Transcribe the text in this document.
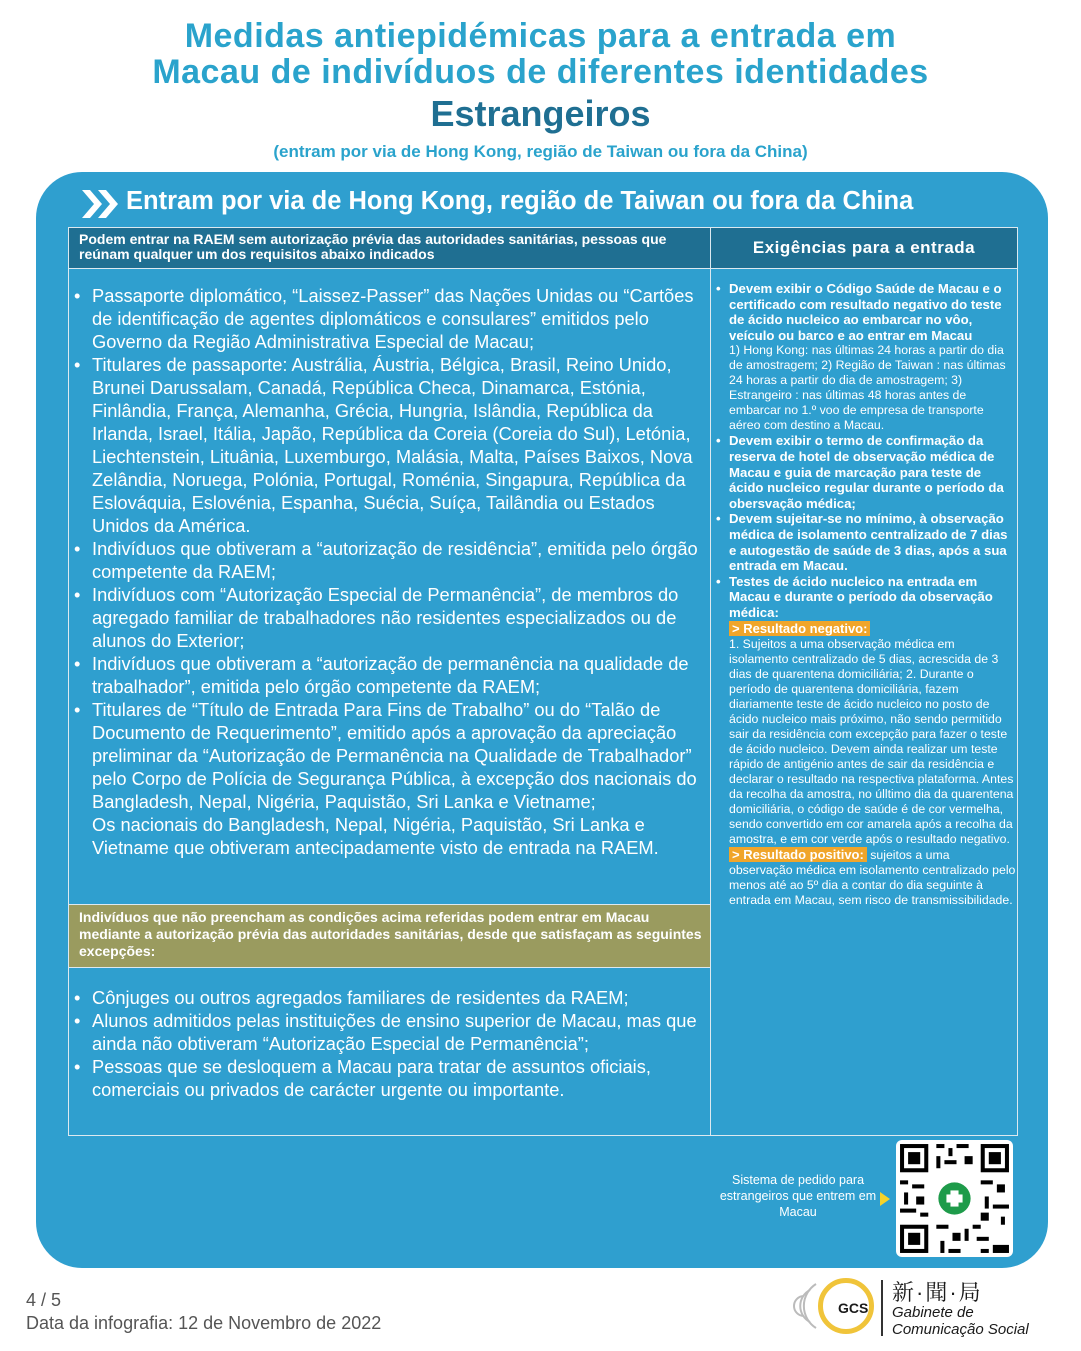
Medidas antiepidémicas para a entrada em
Macau de indivíduos de diferentes identidades
Estrangeiros
(entram por via de Hong Kong, região de Taiwan ou fora da China)
Entram por via de Hong Kong, região de Taiwan ou fora da China
Podem entrar na RAEM sem autorização prévia das autoridades sanitárias, pessoas que reúnam qualquer um dos requisitos abaixo indicados	Exigências para a entrada
• Passaporte diplomático, “Laissez-Passer” das Nações Unidas ou “Cartões de identificação de agentes diplomáticos e consulares” emitidos pelo Governo da Região Administrativa Especial de Macau;
• Titulares de passaporte: Austrália, Áustria, Bélgica, Brasil, Reino Unido, Brunei Darussalam, Canadá, República Checa, Dinamarca, Estónia, Finlândia, França, Alemanha, Grécia, Hungria, Islândia, República da Irlanda, Israel, Itália, Japão, República da Coreia (Coreia do Sul), Letónia, Liechtenstein, Lituânia, Luxemburgo, Malásia, Malta, Países Baixos, Nova Zelândia, Noruega, Polónia, Portugal, Roménia, Singapura, República da Eslováquia, Eslovénia, Espanha, Suécia, Suíça, Tailândia ou Estados Unidos da América.
• Indivíduos que obtiveram a “autorização de residência”, emitida pelo órgão competente da RAEM;
• Indivíduos com “Autorização Especial de Permanência”, de membros do agregado familiar de trabalhadores não residentes especializados ou de alunos do Exterior;
• Indivíduos que obtiveram a “autorização de permanência na qualidade de trabalhador”, emitida pelo órgão competente da RAEM;
• Titulares de “Título de Entrada Para Fins de Trabalho” ou do “Talão de Documento de Requerimento”, emitido após a aprovação da apreciação preliminar da “Autorização de Permanência na Qualidade de Trabalhador” pelo Corpo de Polícia de Segurança Pública, à excepção dos nacionais do Bangladesh, Nepal, Nigéria, Paquistão, Sri Lanka e Vietname;
Os nacionais do Bangladesh, Nepal, Nigéria, Paquistão, Sri Lanka e Vietname que obtiveram antecipadamente visto de entrada na RAEM.
Indivíduos que não preencham as condições acima referidas podem entrar em Macau mediante a autorização prévia das autoridades sanitárias, desde que satisfaçam as seguintes excepções:
• Cônjuges ou outros agregados familiares de residentes da RAEM;
• Alunos admitidos pelas instituições de ensino superior de Macau, mas que ainda não obtiveram “Autorização Especial de Permanência”;
• Pessoas que se desloquem a Macau para tratar de assuntos oficiais, comerciais ou privados de carácter urgente ou importante.
• Devem exibir o Código Saúde de Macau e o certificado com resultado negativo do teste de ácido nucleico ao embarcar no vôo, veículo ou barco e ao entrar em Macau
1) Hong Kong: nas últimas 24 horas a partir do dia de amostragem; 2) Região de Taiwan : nas últimas 24 horas a partir do dia de amostragem; 3) Estrangeiro : nas últimas 48 horas antes de embarcar no 1.º voo de empresa de transporte aéreo com destino a Macau.
• Devem exibir o termo de confirmação da reserva de hotel de observação médica de Macau e guia de marcação para teste de ácido nucleico regular durante o período da obersvação médica;
• Devem sujeitar-se no mínimo, à observação médica de isolamento centralizado de 7 dias e autogestão de saúde de 3 dias, após a sua entrada em Macau.
• Testes de ácido nucleico na entrada em Macau e durante o período da observação médica:
> Resultado negativo:
1. Sujeitos a uma observação médica em isolamento centralizado de 5 dias, acrescida de 3 dias de quarentena domiciliária; 2. Durante o período de quarentena domiciliária, fazem diariamente teste de ácido nucleico no posto de ácido nucleico mais próximo, não sendo permitido sair da residência com excepção para fazer o teste de ácido nucleico. Devem ainda realizar um teste rápido de antigénio antes de sair da residência e declarar o resultado na respectiva plataforma. Antes da recolha da amostra, no úlltimo dia da quarentena domiciliária, o código de saúde é de cor vermelha, sendo convertido em cor amarela após a recolha da amostra, e em cor verde após o resultado negativo.
> Resultado positivo: sujeitos a uma observação médica em isolamento centralizado pelo menos até ao 5º dia a contar do dia seguinte à entrada em Macau, sem risco de transmissibilidade.
Sistema de pedido para estrangeiros que entrem em Macau
4 / 5
Data da infografia: 12 de Novembro de 2022
GCS
新·聞·局
Gabinete de
Comunicação Social
